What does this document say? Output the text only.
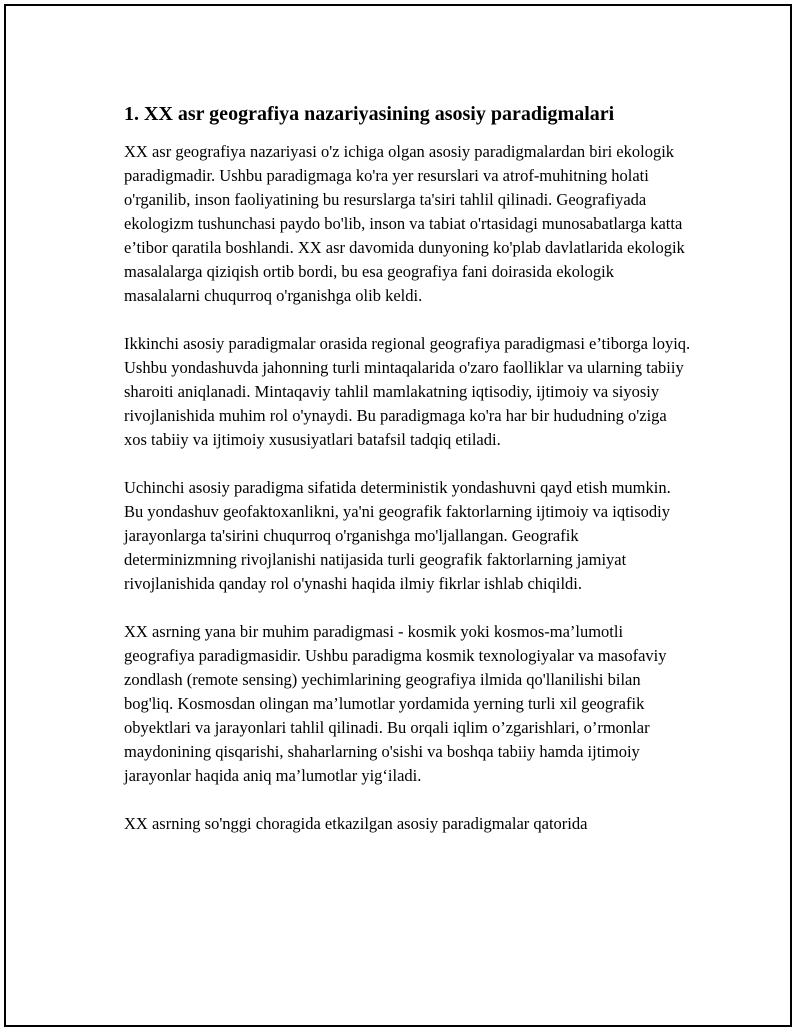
1. XX asr geografiya nazariyasining asosiy paradigmalari

XX asr geografiya nazariyasi o'z ichiga olgan asosiy paradigmalardan biri ekologik paradigmadir. Ushbu paradigmaga ko'ra yer resurslari va atrof-muhitning holati o'rganilib, inson faoliyatining bu resurslarga ta'siri tahlil qilinadi. Geografiyada ekologizm tushunchasi paydo bo'lib, inson va tabiat o'rtasidagi munosabatlarga katta e’tibor qaratila boshlandi. XX asr davomida dunyoning ko'plab davlatlarida ekologik masalalarga qiziqish ortib bordi, bu esa geografiya fani doirasida ekologik masalalarni chuqurroq o'rganishga olib keldi.

Ikkinchi asosiy paradigmalar orasida regional geografiya paradigmasi e’tiborga loyiq. Ushbu yondashuvda jahonning turli mintaqalarida o'zaro faolliklar va ularning tabiiy sharoiti aniqlanadi. Mintaqaviy tahlil mamlakatning iqtisodiy, ijtimoiy va siyosiy rivojlanishida muhim rol o'ynaydi. Bu paradigmaga ko'ra har bir hududning o'ziga xos tabiiy va ijtimoiy xususiyatlari batafsil tadqiq etiladi.

Uchinchi asosiy paradigma sifatida deterministik yondashuvni qayd etish mumkin. Bu yondashuv geofaktoxanlikni, ya'ni geografik faktorlarning ijtimoiy va iqtisodiy jarayonlarga ta'sirini chuqurroq o'rganishga mo'ljallangan. Geografik determinizmning rivojlanishi natijasida turli geografik faktorlarning jamiyat rivojlanishida qanday rol o'ynashi haqida ilmiy fikrlar ishlab chiqildi.

XX asrning yana bir muhim paradigmasi - kosmik yoki kosmos-ma’lumotli geografiya paradigmasidir. Ushbu paradigma kosmik texnologiyalar va masofaviy zondlash (remote sensing) yechimlarining geografiya ilmida qo'llanilishi bilan bog'liq. Kosmosdan olingan ma’lumotlar yordamida yerning turli xil geografik obyektlari va jarayonlari tahlil qilinadi. Bu orqali iqlim o’zgarishlari, o’rmonlar maydonining qisqarishi, shaharlarning o'sishi va boshqa tabiiy hamda ijtimoiy jarayonlar haqida aniq ma’lumotlar yig‘iladi.

XX asrning so'nggi choragida etkazilgan asosiy paradigmalar qatorida
